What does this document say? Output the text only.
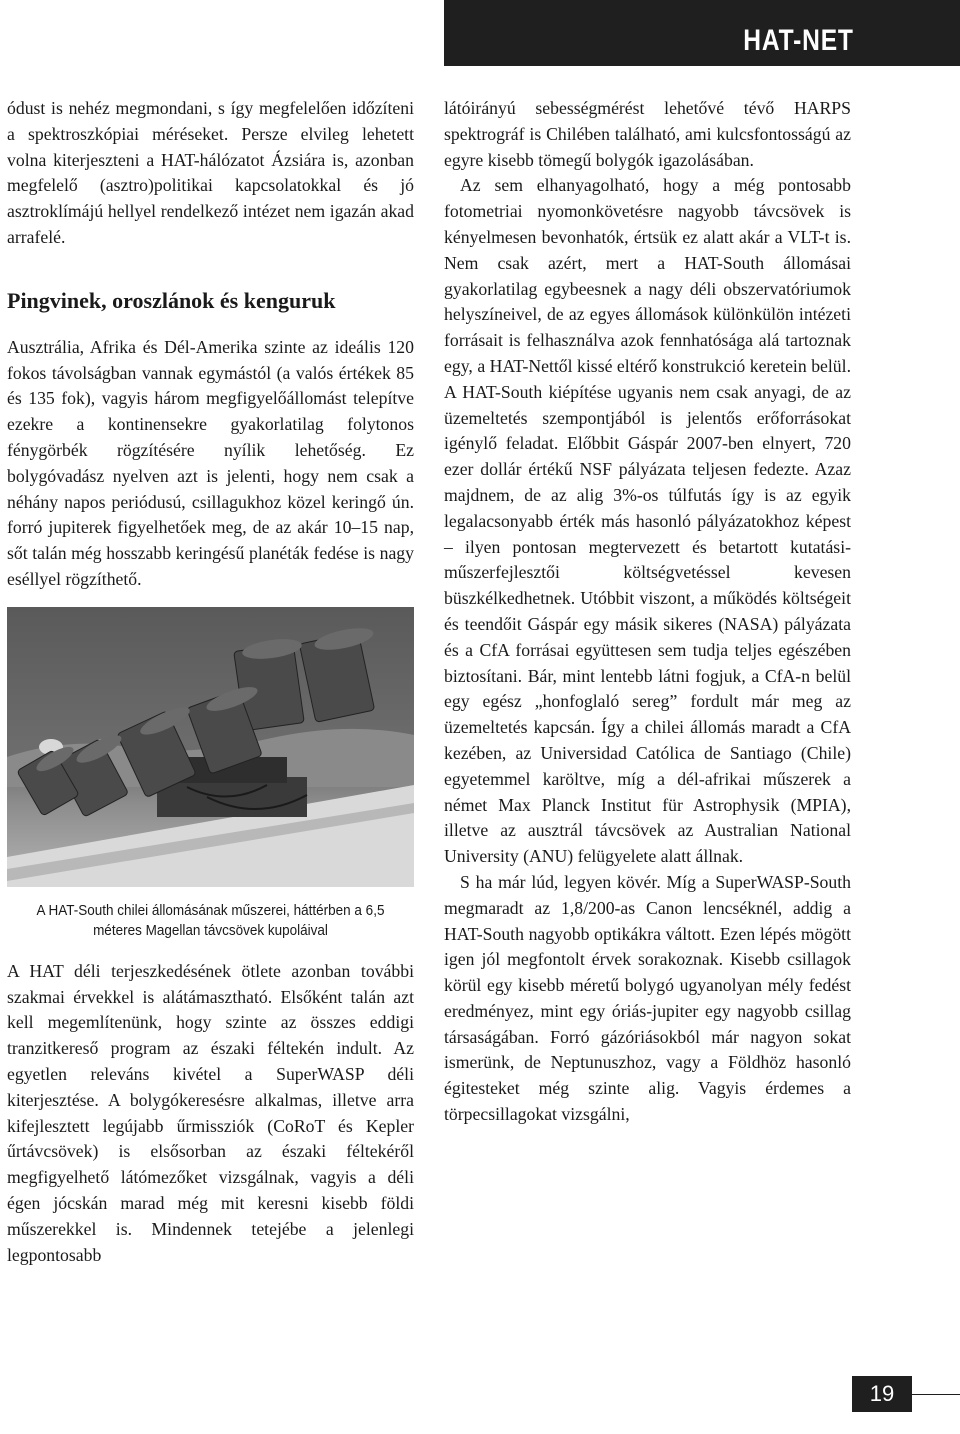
HAT-NET

ódust is nehéz megmondani, s így megfelelően időzíteni a spektroszkópiai méréseket. Persze elvileg lehetett volna kiterjeszteni a HAT-hálózatot Ázsiára is, azonban megfelelő (asztro)politikai kapcsolatokkal és jó asztroklímájú hellyel rendelkező intézet nem igazán akad arrafelé.

Pingvinek, oroszlánok és kenguruk

Ausztrália, Afrika és Dél-Amerika szinte az ideális 120 fokos távolságban vannak egymástól (a valós értékek 85 és 135 fok), vagyis három megfigyelőállomást telepítve ezekre a kontinensekre gyakorlatilag folytonos fénygörbék rögzítésére nyílik lehetőség. Ez bolygóvadász nyelven azt is jelenti, hogy nem csak a néhány napos periódusú, csillagukhoz közel keringő ún. forró jupiterek figyelhetőek meg, de az akár 10–15 nap, sőt talán még hosszabb keringésű planéták fedése is nagy eséllyel rögzíthető.

A HAT-South chilei állomásának műszerei, háttérben a 6,5 méteres Magellan távcsövek kupoláival

A HAT déli terjeszkedésének ötlete azonban további szakmai érvekkel is alátámasztható. Elsőként talán azt kell megemlítenünk, hogy szinte az összes eddigi tranzitkereső program az északi féltekén indult. Az egyetlen releváns kivétel a SuperWASP déli kiterjesztése. A bolygókeresésre alkalmas, illetve arra kifejlesztett legújabb űrmissziók (CoRoT és Kepler űrtávcsövek) is elsősorban az északi féltekéről megfigyelhető látómezőket vizsgálnak, vagyis a déli égen jócskán marad még mit keresni kisebb földi műszerekkel is. Mindennek tetejébe a jelenlegi legpontosabb

látóirányú sebességmérést lehetővé tévő HARPS spektrográf is Chilében található, ami kulcsfontosságú az egyre kisebb tömegű bolygók igazolásában.

Az sem elhanyagolható, hogy a még pontosabb fotometriai nyomonkövetésre nagyobb távcsövek is kényelmesen bevonhatók, értsük ez alatt akár a VLT-t is. Nem csak azért, mert a HAT-South állomásai gyakorlatilag egybeesnek a nagy déli obszervatóriumok helyszíneivel, de az egyes állomások különkülön intézeti forrásait is felhasználva azok fennhatósága alá tartoznak egy, a HAT-Nettől kissé eltérő konstrukció keretein belül. A HAT-South kiépítése ugyanis nem csak anyagi, de az üzemeltetés szempontjából is jelentős erőforrásokat igénylő feladat. Előbbit Gáspár 2007-ben elnyert, 720 ezer dollár értékű NSF pályázata teljesen fedezte. Azaz majdnem, de az alig 3%-os túlfutás így is az egyik legalacsonyabb érték más hasonló pályázatokhoz képest – ilyen pontosan megtervezett és betartott kutatási-műszerfejlesztői költségvetéssel kevesen büszkélkedhetnek. Utóbbit viszont, a működés költségeit és teendőit Gáspár egy másik sikeres (NASA) pályázata és a CfA forrásai együttesen sem tudja teljes egészében biztosítani. Bár, mint lentebb látni fogjuk, a CfA-n belül egy egész „honfoglaló sereg” fordult már meg az üzemeltetés kapcsán. Így a chilei állomás maradt a CfA kezében, az Universidad Católica de Santiago (Chile) egyetemmel karöltve, míg a dél-afrikai műszerek a német Max Planck Institut für Astrophysik (MPIA), illetve az ausztrál távcsövek az Australian National University (ANU) felügyelete alatt állnak.

S ha már lúd, legyen kövér. Míg a SuperWASP-South megmaradt az 1,8/200-as Canon lencséknél, addig a HAT-South nagyobb optikákra váltott. Ezen lépés mögött igen jól megfontolt érvek sorakoznak. Kisebb csillagok körül egy kisebb méretű bolygó ugyanolyan mély fedést eredményez, mint egy óriás-jupiter egy nagyobb csillag társaságában. Forró gázóriásokból már nagyon sokat ismerünk, de Neptunuszhoz, vagy a Földhöz hasonló égitesteket még szinte alig. Vagyis érdemes a törpecsillagokat vizsgálni,

19
